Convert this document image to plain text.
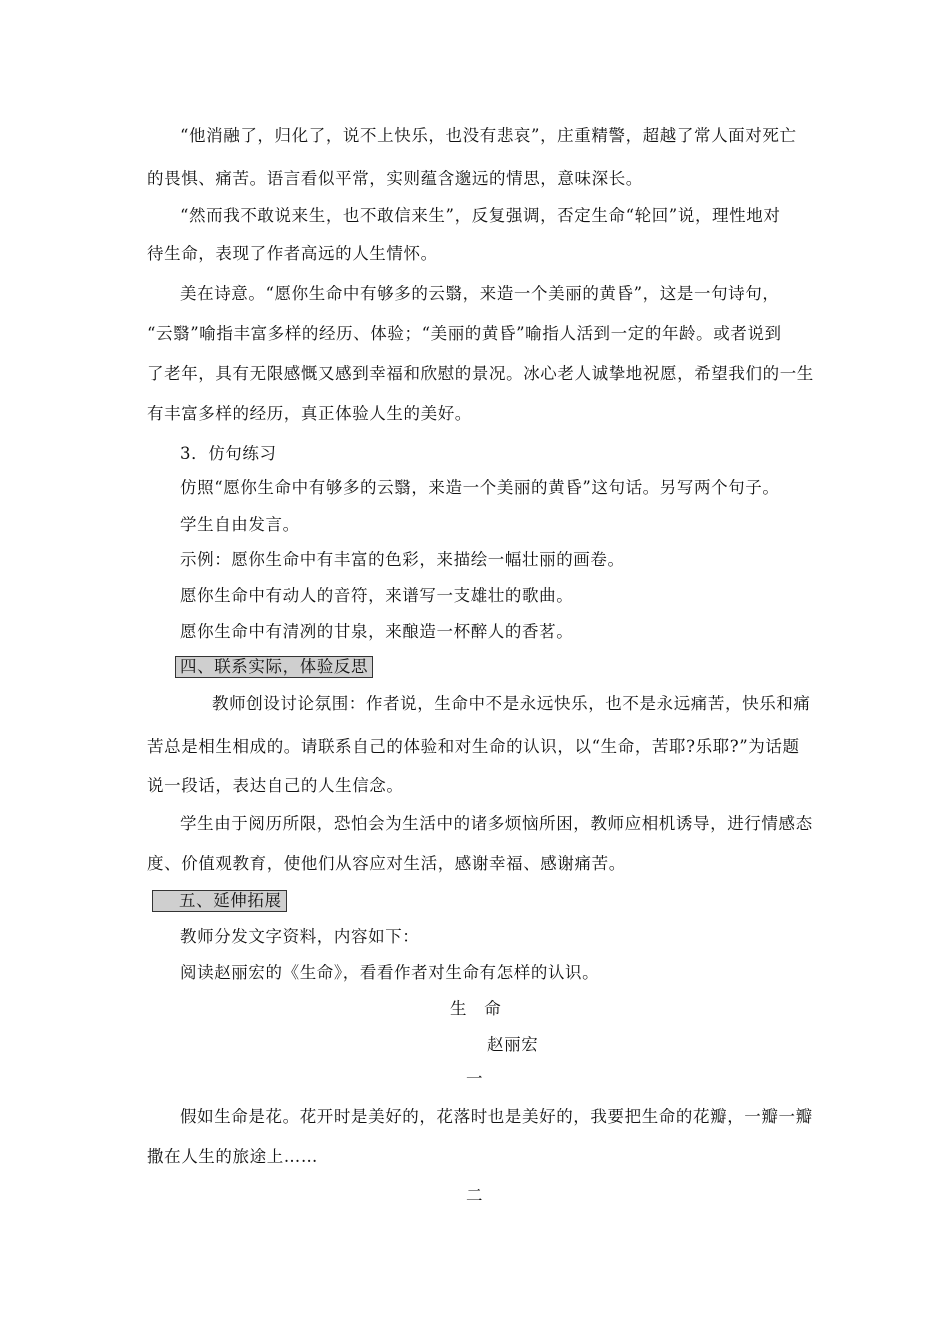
“他消融了，归化了，说不上快乐，也没有悲哀”，庄重精警，超越了常人面对死亡
的畏惧、痛苦。语言看似平常，实则蕴含邈远的情思，意味深长。
“然而我不敢说来生，也不敢信来生”，反复强调，否定生命“轮回”说，理性地对
待生命，表现了作者高远的人生情怀。
美在诗意。“愿你生命中有够多的云翳，来造一个美丽的黄昏”，这是一句诗句，
“云翳”喻指丰富多样的经历、体验；“美丽的黄昏”喻指人活到一定的年龄。或者说到
了老年，具有无限感慨又感到幸福和欣慰的景况。冰心老人诚挚地祝愿，希望我们的一生
有丰富多样的经历，真正体验人生的美好。
3．仿句练习
仿照“愿你生命中有够多的云翳，来造一个美丽的黄昏”这句话。另写两个句子。
学生自由发言。
示例：愿你生命中有丰富的色彩，来描绘一幅壮丽的画卷。
愿你生命中有动人的音符，来谱写一支雄壮的歌曲。
愿你生命中有清冽的甘泉，来酿造一杯醉人的香茗。
四、联系实际，体验反思
教师创设讨论氛围：作者说，生命中不是永远快乐，也不是永远痛苦，快乐和痛
苦总是相生相成的。请联系自己的体验和对生命的认识，以“生命，苦耶?乐耶?”为话题
说一段话，表达自己的人生信念。
学生由于阅历所限，恐怕会为生活中的诸多烦恼所困，教师应相机诱导，进行情感态
度、价值观教育，使他们从容应对生活，感谢幸福、感谢痛苦。
五、延伸拓展
教师分发文字资料，内容如下：
阅读赵丽宏的《生命》，看看作者对生命有怎样的认识。
生　命
赵丽宏
一
假如生命是花。花开时是美好的，花落时也是美好的，我要把生命的花瓣，一瓣一瓣
撒在人生的旅途上……
二
